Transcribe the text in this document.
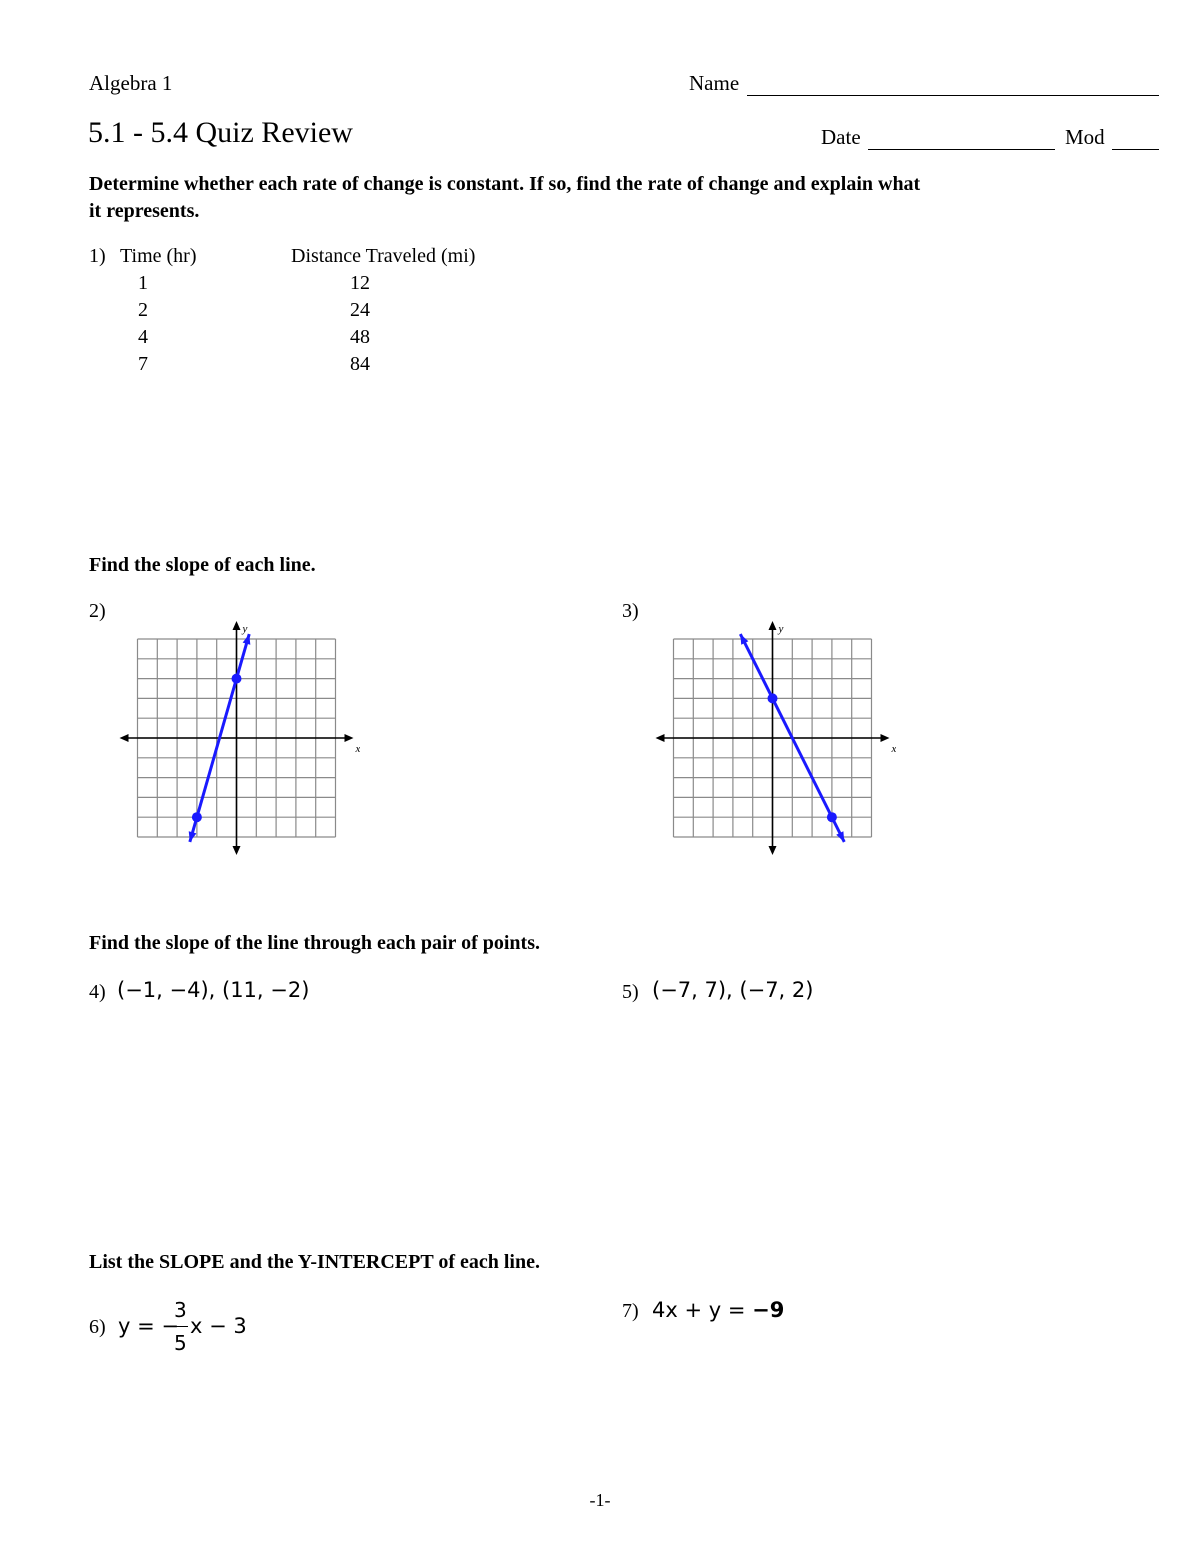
Algebra 1	Name
5.1 - 5.4 Quiz Review	Date	Mod
Determine whether each rate of change is constant. If so, find the rate of change and explain what
it represents.
1) Time (hr)	Distance Traveled (mi)
1	12
2	24
4	48
7	84
Find the slope of each line.
2)	3)
x
y
x
y
Find the slope of the line through each pair of points.
4) (−1, −4), (11, −2)	5) (−7, 7), (−7, 2)
List the SLOPE and the Y-INTERCEPT of each line.
6) y = −
3
5
x − 3
7) 4x + y = −9
-1-
